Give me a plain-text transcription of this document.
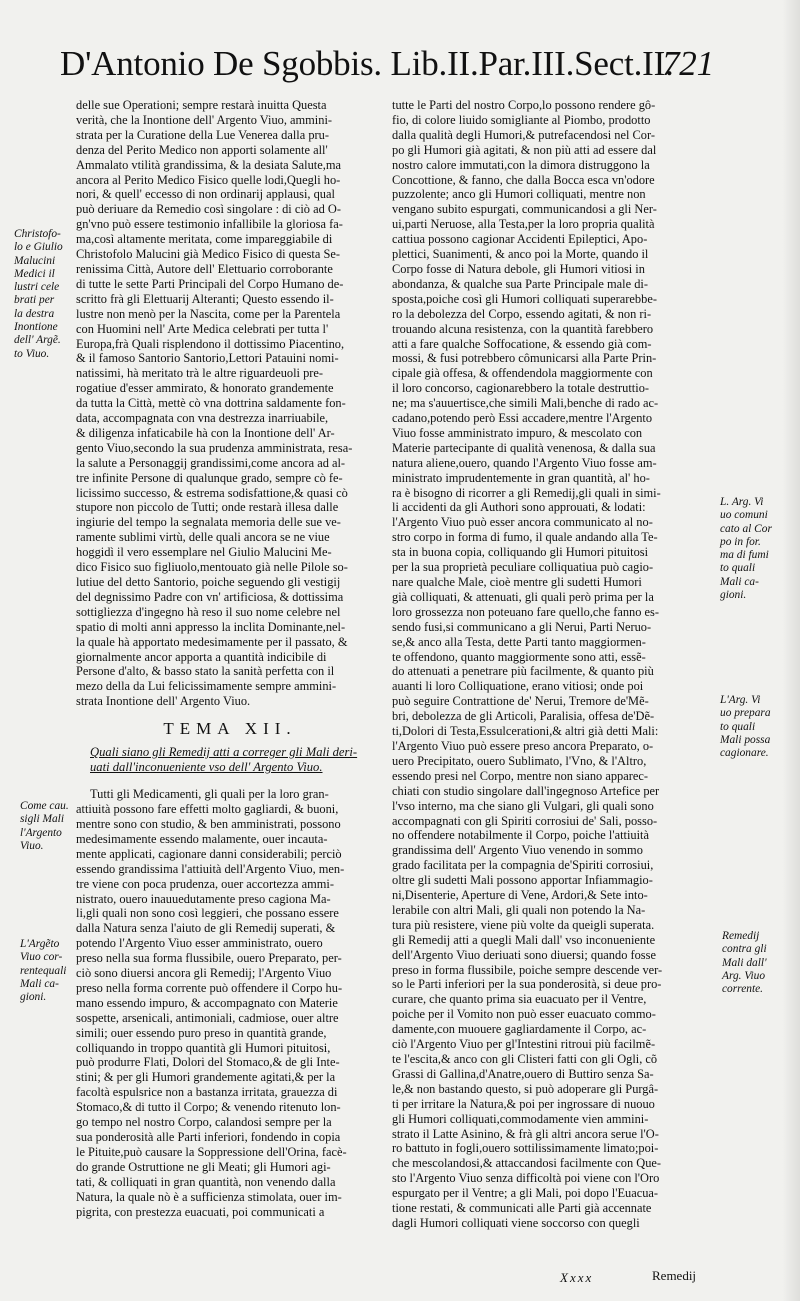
D'Antonio De Sgobbis. Lib.II.Par.III.Sect.II.
721
delle sue Operationi; sempre restarà inuitta Questa
verità, che la Inontione dell' Argento Viuo, ammini-
strata per la Curatione della Lue Venerea dalla pru-
denza del Perito Medico non apporti solamente all'
Ammalato vtilità grandissima, & la desiata Salute,ma
ancora al Perito Medico Fisico quelle lodi,Quegli ho-
nori, & quell' eccesso di non ordinarij applausi, qual
può deriuare da Remedio così singolare : di ciò ad O-
gn'vno può essere testimonio infallibile la gloriosa fa-
ma,così altamente meritata, come impareggiabile di
Christofolo Malucini già Medico Fisico di questa Se-
renissima Città, Autore dell' Elettuario corroborante
di tutte le sette Parti Principali del Corpo Humano de-
scritto frà gli Elettuarij Alteranti; Questo essendo il-
lustre non menò per la Nascita, come per la Parentela
con Huomini nell' Arte Medica celebrati per tutta l'
Europa,frà Quali risplendono il dottissimo Piacentino,
& il famoso Santorio Santorio,Lettori Patauini nomi-
natissimi, hà meritato trà le altre riguardeuoli pre-
rogatiue d'esser ammirato, & honorato grandemente
da tutta la Città, mettè cò vna dottrina saldamente fon-
data, accompagnata con vna destrezza inarriuabile,
& diligenza infaticabile hà con la Inontione dell' Ar-
gento Viuo,secondo la sua prudenza amministrata, resa-
la salute a Personaggij grandissimi,come ancora ad al-
tre infinite Persone di qualunque grado, sempre cò fe-
licissimo successo, & estrema sodisfattione,& quasi cò
stupore non piccolo de Tutti; onde restarà illesa dalle
ingiurie del tempo la segnalata memoria delle sue ve-
ramente sublimi virtù, delle quali ancora se ne viue
hoggidì il vero essemplare nel Giulio Malucini Me-
dico Fisico suo figliuolo,mentouato già nelle Pilole so-
lutiue del detto Santorio, poiche seguendo gli vestigij
del degnissimo Padre con vn' artificiosa, & dottissima
sottigliezza d'ingegno hà reso il suo nome celebre nel
spatio di molti anni appresso la inclita Dominante,nel-
la quale hà apportato medesimamente per il passato, &
giornalmente ancor apporta a quantità indicibile di
Persone d'alto, & basso stato la sanità perfetta con il
mezo della da Lui felicissimamente sempre ammini-
strata Inontione dell' Argento Viuo.
TEMA XII.
Quali siano gli Remedij atti a correger gli Mali deri-
uati dall'inconueniente vso dell' Argento Viuo.
Tutti gli Medicamenti, gli quali per la loro gran-
attiuità possono fare effetti molto gagliardi, & buoni,
mentre sono con studio, & ben amministrati, possono
medesimamente essendo malamente, ouer incauta-
mente applicati, cagionare danni considerabili; perciò
essendo grandissima l'attiuità dell'Argento Viuo, men-
tre viene con poca prudenza, ouer accortezza ammi-
nistrato, ouero inauuedutamente preso cagiona Ma-
li,gli quali non sono così leggieri, che possano essere
dalla Natura senza l'aiuto de gli Remedij superati, &
potendo l'Argento Viuo esser amministrato, ouero
preso nella sua forma flussibile, ouero Preparato, per-
ciò sono diuersi ancora gli Remedij; l'Argento Viuo
preso nella forma corrente può offendere il Corpo hu-
mano essendo impuro, & accompagnato con Materie
sospette, arsenicali, antimoniali, cadmiose, ouer altre
simili; ouer essendo puro preso in quantità grande,
colliquando in troppo quantità gli Humori pituitosi,
può produrre Flati, Dolori del Stomaco,& de gli Inte-
stini; & per gli Humori grandemente agitati,& per la
facoltà espulsrice non a bastanza irritata, grauezza di
Stomaco,& di tutto il Corpo; & venendo ritenuto lon-
go tempo nel nostro Corpo, calandosi sempre per la
sua ponderosità alle Parti inferiori, fondendo in copia
le Pituite,può causare la Soppressione dell'Orina, facè-
do grande Ostruttione ne gli Meati; gli Humori agi-
tati, & colliquati in gran quantità, non venendo dalla
Natura, la quale nò è a sufficienza stimolata, ouer im-
pigrita, con prestezza euacuati, poi communicati a
tutte le Parti del nostro Corpo,lo possono rendere gô-
fio, di colore liuido somigliante al Piombo, prodotto
dalla qualità degli Humori,& putrefacendosi nel Cor-
po gli Humori già agitati, & non più atti ad essere dal
nostro calore immutati,con la dimora distruggono la
Concottione, & fanno, che dalla Bocca esca vn'odore
puzzolente; anco gli Humori colliquati, mentre non
vengano subito espurgati, communicandosi a gli Ner-
ui,parti Neruose, alla Testa,per la loro propria qualità
cattiua possono cagionar Accidenti Epileptici, Apo-
plettici, Suanimenti, & anco poi la Morte, quando il
Corpo fosse di Natura debole, gli Humori vitiosi in
abondanza, & qualche sua Parte Principale male di-
sposta,poiche così gli Humori colliquati superarebbe-
ro la debolezza del Corpo, essendo agitati, & non ri-
trouando alcuna resistenza, con la quantità farebbero
atti a fare qualche Soffocatione, & essendo già com-
mossi, & fusi potrebbero cômunicarsi alla Parte Prin-
cipale già offesa, & offendendola maggiormente con
il loro concorso, cagionarebbero la totale destruttio-
ne; ma s'auuertisce,che simili Mali,benche di rado ac-
cadano,potendo però Essi accadere,mentre l'Argento
Viuo fosse amministrato impuro, & mescolato con
Materie partecipante di qualità venenosa, & dalla sua
natura aliene,ouero, quando l'Argento Viuo fosse am-
ministrato imprudentemente in gran quantità, al' ho-
ra è bisogno di ricorrer a gli Remedij,gli quali in simi-
li accidenti da gli Authori sono approuati, & lodati:
l'Argento Viuo può esser ancora communicato al no-
stro corpo in forma di fumo, il quale andando alla Te-
sta in buona copia, colliquando gli Humori pituitosi
per la sua proprietà peculiare colliquatiua può cagio-
nare qualche Male, cioè mentre gli sudetti Humori
già colliquati, & attenuati, gli quali però prima per la
loro grossezza non poteuano fare quello,che fanno es-
sendo fusi,si communicano a gli Nerui, Parti Neruo-
se,& anco alla Testa, dette Parti tanto maggiormen-
te offendono, quanto maggiormente sono atti, essẽ-
do attenuati a penetrare più facilmente, & quanto più
auanti li loro Colliquatione, erano vitiosi; onde poi
può seguire Contrattione de' Nerui, Tremore de'Mẽ-
bri, debolezza de gli Articoli, Paralisia, offesa de'Dẽ-
ti,Dolori di Testa,Essulcerationi,& altri già detti Mali:
l'Argento Viuo può essere preso ancora Preparato, o-
uero Precipitato, ouero Sublimato, l'Vno, & l'Altro,
essendo presi nel Corpo, mentre non siano apparec-
chiati con studio singolare dall'ingegnoso Artefice per
l'vso interno, ma che siano gli Vulgari, gli quali sono
accompagnati con gli Spiriti corrosiui de' Sali, posso-
no offendere notabilmente il Corpo, poiche l'attiuità
grandissima dell' Argento Viuo venendo in sommo
grado facilitata per la compagnia de'Spiriti corrosiui,
oltre gli sudetti Mali possono apportar Infiammagio-
ni,Disenterie, Aperture di Vene, Ardori,& Sete into-
lerabile con altri Mali, gli quali non potendo la Na-
tura più resistere, viene più volte da queigli superata.
gli Remedij atti a quegli Mali dall' vso inconueniente
dell'Argento Viuo deriuati sono diuersi; quando fosse
preso in forma flussibile, poiche sempre descende ver-
so le Parti inferiori per la sua ponderosità, si deue pro-
curare, che quanto prima sia euacuato per il Ventre,
poiche per il Vomito non può esser euacuato commo-
damente,con muouere gagliardamente il Corpo, ac-
ciò l'Argento Viuo per gl'Intestini ritroui più facilmẽ-
te l'escita,& anco con gli Clisteri fatti con gli Ogli, cõ
Grassi di Gallina,d'Anatre,ouero di Buttiro senza Sa-
le,& non bastando questo, si può adoperare gli Purgâ-
ti per irritare la Natura,& poi per ingrossare di nuouo
gli Humori colliquati,commodamente vien ammini-
strato il Latte Asinino, & frà gli altri ancora serue l'O-
ro battuto in fogli,ouero sottilissimamente limato;poi-
che mescolandosi,& attaccandosi facilmente con Que-
sto l'Argento Viuo senza difficoltà poi viene con l'Oro
espurgato per il Ventre; a gli Mali, poi dopo l'Euacua-
tione restati, & communicati alle Parti già accennate
dagli Humori colliquati viene soccorso con quegli
Christofo-
lo e Giulio
Malucini
Medici il
lustri cele
brati per
la destra
Inontione
dell' Argẽ.
to Viuo.
Come cau.
sigli Mali
l'Argento
Viuo.
L'Argẽto
Viuo cor-
rentequali
Mali ca-
gioni.
L. Arg. Vi
uo comuni
cato al Cor
po in for.
ma di fumi
to quali
Mali ca-
gioni.
L'Arg. Vi
uo prepara
to quali
Mali possa
cagionare.
Remedij
contra gli
Mali dall'
Arg. Viuo
corrente.
Xxxx	Remedij
